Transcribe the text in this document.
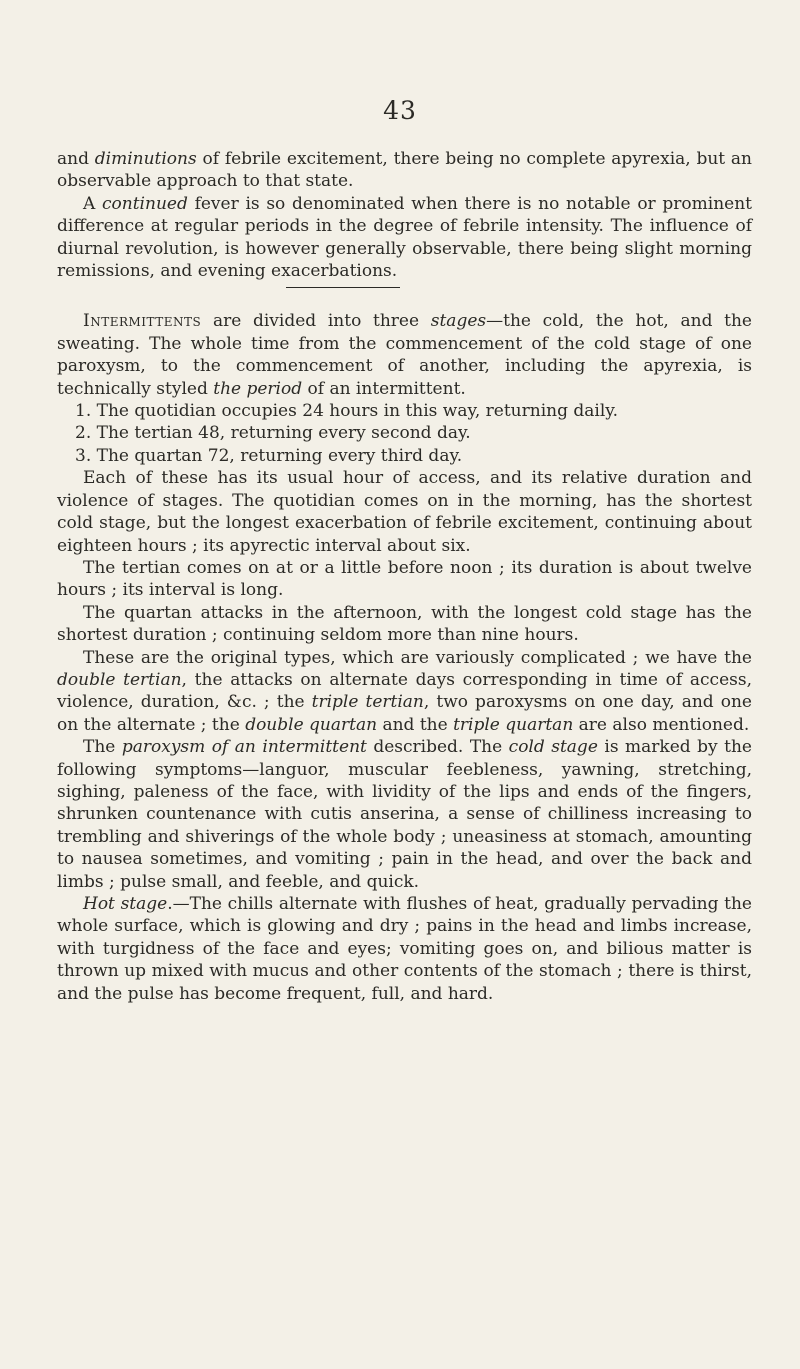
43

and diminutions of febrile excitement, there being no complete apyrexia, but an observable approach to that state.

A continued fever is so denominated when there is no notable or prominent difference at regular periods in the degree of febrile intensity. The influence of diurnal revolution, is however generally observable, there being slight morning remissions, and evening exacerbations.

Intermittents are divided into three stages—the cold, the hot, and the sweating. The whole time from the commencement of the cold stage of one paroxysm, to the commencement of another, including the apyrexia, is technically styled the period of an intermittent.

1. The quotidian occupies 24 hours in this way, returning daily.

2. The tertian 48, returning every second day.

3. The quartan 72, returning every third day.

Each of these has its usual hour of access, and its relative duration and violence of stages. The quotidian comes on in the morning, has the shortest cold stage, but the longest exacerbation of febrile excitement, continuing about eighteen hours ; its apyrectic interval about six.

The tertian comes on at or a little before noon ; its duration is about twelve hours ; its interval is long.

The quartan attacks in the afternoon, with the longest cold stage has the shortest duration ; continuing seldom more than nine hours.

These are the original types, which are variously complicated ; we have the double tertian, the attacks on alternate days corresponding in time of access, violence, duration, &c. ; the triple tertian, two paroxysms on one day, and one on the alternate ; the double quartan and the triple quartan are also mentioned.

The paroxysm of an intermittent described. The cold stage is marked by the following symptoms—languor, muscular feebleness, yawning, stretching, sighing, paleness of the face, with lividity of the lips and ends of the fingers, shrunken countenance with cutis anserina, a sense of chilliness increasing to trembling and shiverings of the whole body ; uneasiness at stomach, amounting to nausea sometimes, and vomiting ; pain in the head, and over the back and limbs ; pulse small, and feeble, and quick.

Hot stage.—The chills alternate with flushes of heat, gradually pervading the whole surface, which is glowing and dry ; pains in the head and limbs increase, with turgidness of the face and eyes; vomiting goes on, and bilious matter is thrown up mixed with mucus and other contents of the stomach ; there is thirst, and the pulse has become frequent, full, and hard.
